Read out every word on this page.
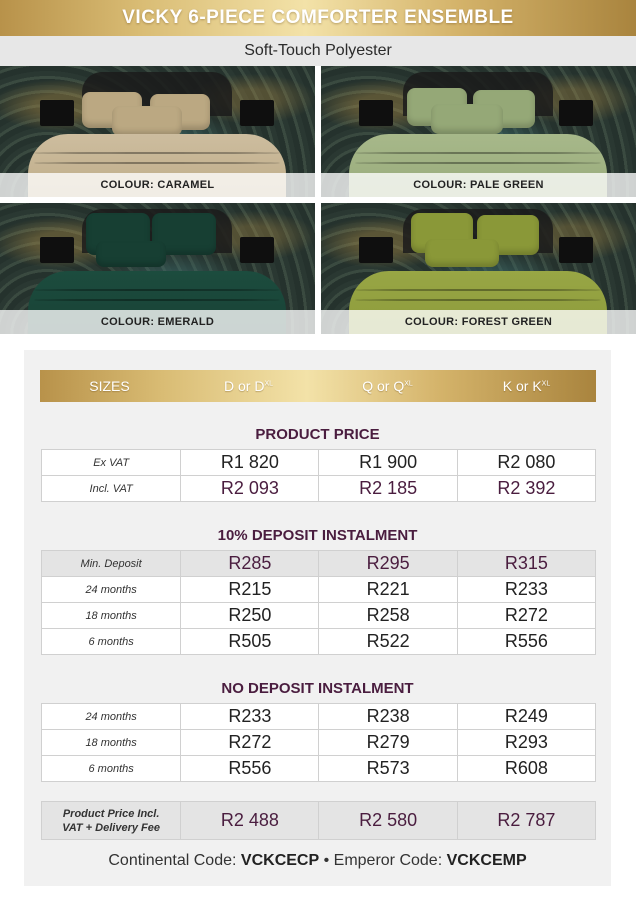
VICKY 6-PIECE COMFORTER ENSEMBLE
Soft-Touch Polyester
COLOUR: CARAMEL	COLOUR: PALE GREEN
COLOUR: EMERALD	COLOUR: FOREST GREEN
SIZES	D or $D^{XL}$	Q or $Q^{XL}$	K or $K^{XL}$
PRODUCT PRICE
Ex VAT	R1 820	R1 900	R2 080
Incl. VAT	R2 093	R2 185	R2 392
10% DEPOSIT INSTALMENT
Min. Deposit	R285	R295	R315
24 months	R215	R221	R233
18 months	R250	R258	R272
6 months	R505	R522	R556
NO DEPOSIT INSTALMENT
24 months	R233	R238	R249
18 months	R272	R279	R293
6 months	R556	R573	R608
Product Price Incl.
VAT + Delivery Fee	R2 488	R2 580	R2 787
Continental Code: VCKCECP • Emperor Code: VCKCEMP
